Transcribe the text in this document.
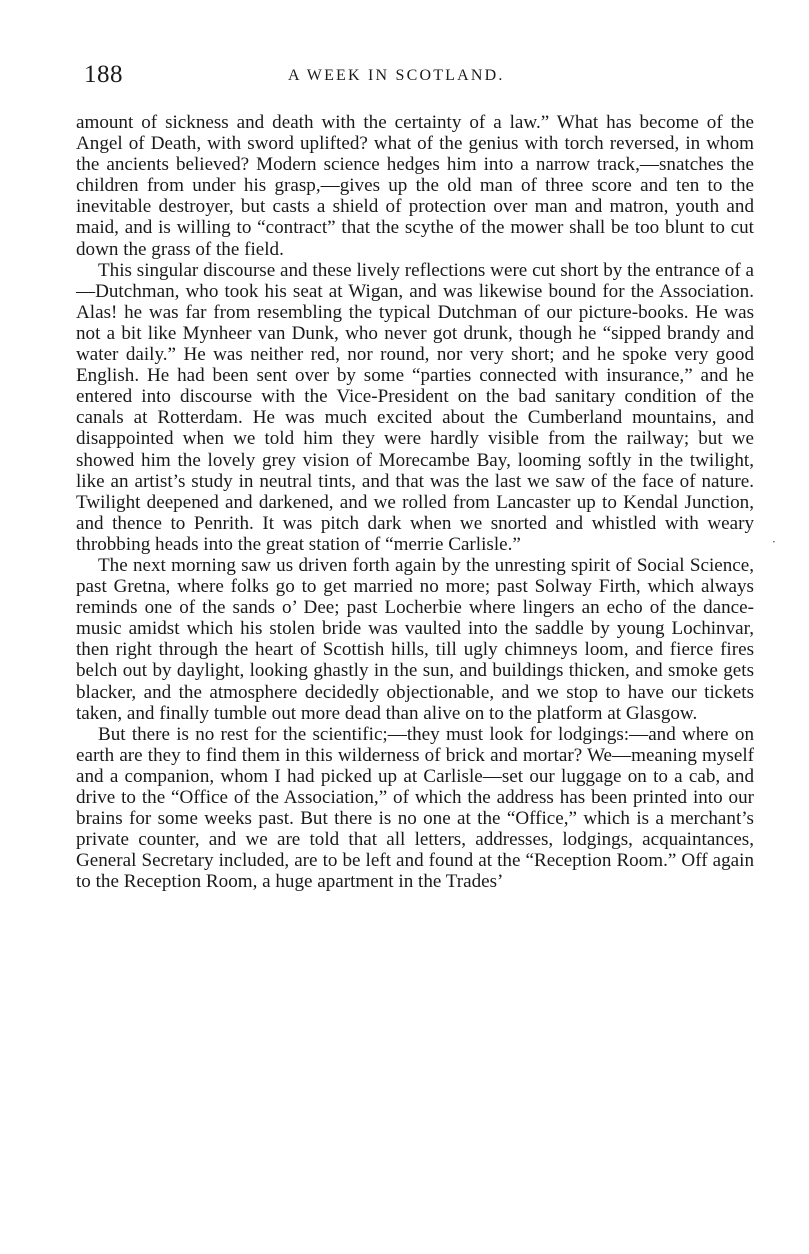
188	A WEEK IN SCOTLAND.

amount of sickness and death with the certainty of a law.” What has become of the Angel of Death, with sword uplifted? what of the genius with torch reversed, in whom the ancients believed? Modern science hedges him into a narrow track,—snatches the children from under his grasp,—gives up the old man of three score and ten to the inevitable destroyer, but casts a shield of protection over man and matron, youth and maid, and is willing to “contract” that the scythe of the mower shall be too blunt to cut down the grass of the field.

This singular discourse and these lively reflections were cut short by the entrance of a—Dutchman, who took his seat at Wigan, and was likewise bound for the Association. Alas! he was far from resembling the typical Dutchman of our picture-books. He was not a bit like Mynheer van Dunk, who never got drunk, though he “sipped brandy and water daily.” He was neither red, nor round, nor very short; and he spoke very good English. He had been sent over by some “parties connected with insurance,” and he entered into discourse with the Vice-President on the bad sanitary condition of the canals at Rotterdam. He was much excited about the Cumberland mountains, and disappointed when we told him they were hardly visible from the railway; but we showed him the lovely grey vision of Morecambe Bay, looming softly in the twilight, like an artist’s study in neutral tints, and that was the last we saw of the face of nature. Twilight deepened and darkened, and we rolled from Lancaster up to Kendal Junction, and thence to Penrith. It was pitch dark when we snorted and whistled with weary throbbing heads into the great station of “merrie Carlisle.”

The next morning saw us driven forth again by the unresting spirit of Social Science, past Gretna, where folks go to get married no more; past Solway Firth, which always reminds one of the sands o’ Dee; past Locherbie where lingers an echo of the dance-music amidst which his stolen bride was vaulted into the saddle by young Lochinvar, then right through the heart of Scottish hills, till ugly chimneys loom, and fierce fires belch out by daylight, looking ghastly in the sun, and buildings thicken, and smoke gets blacker, and the atmosphere decidedly objectionable, and we stop to have our tickets taken, and finally tumble out more dead than alive on to the platform at Glasgow.

But there is no rest for the scientific;—they must look for lodgings:—and where on earth are they to find them in this wilderness of brick and mortar? We—meaning myself and a companion, whom I had picked up at Carlisle—set our luggage on to a cab, and drive to the “Office of the Association,” of which the address has been printed into our brains for some weeks past. But there is no one at the “Office,” which is a merchant’s private counter, and we are told that all letters, addresses, lodgings, acquaintances, General Secretary included, are to be left and found at the “Reception Room.” Off again to the Reception Room, a huge apartment in the Trades’

·
